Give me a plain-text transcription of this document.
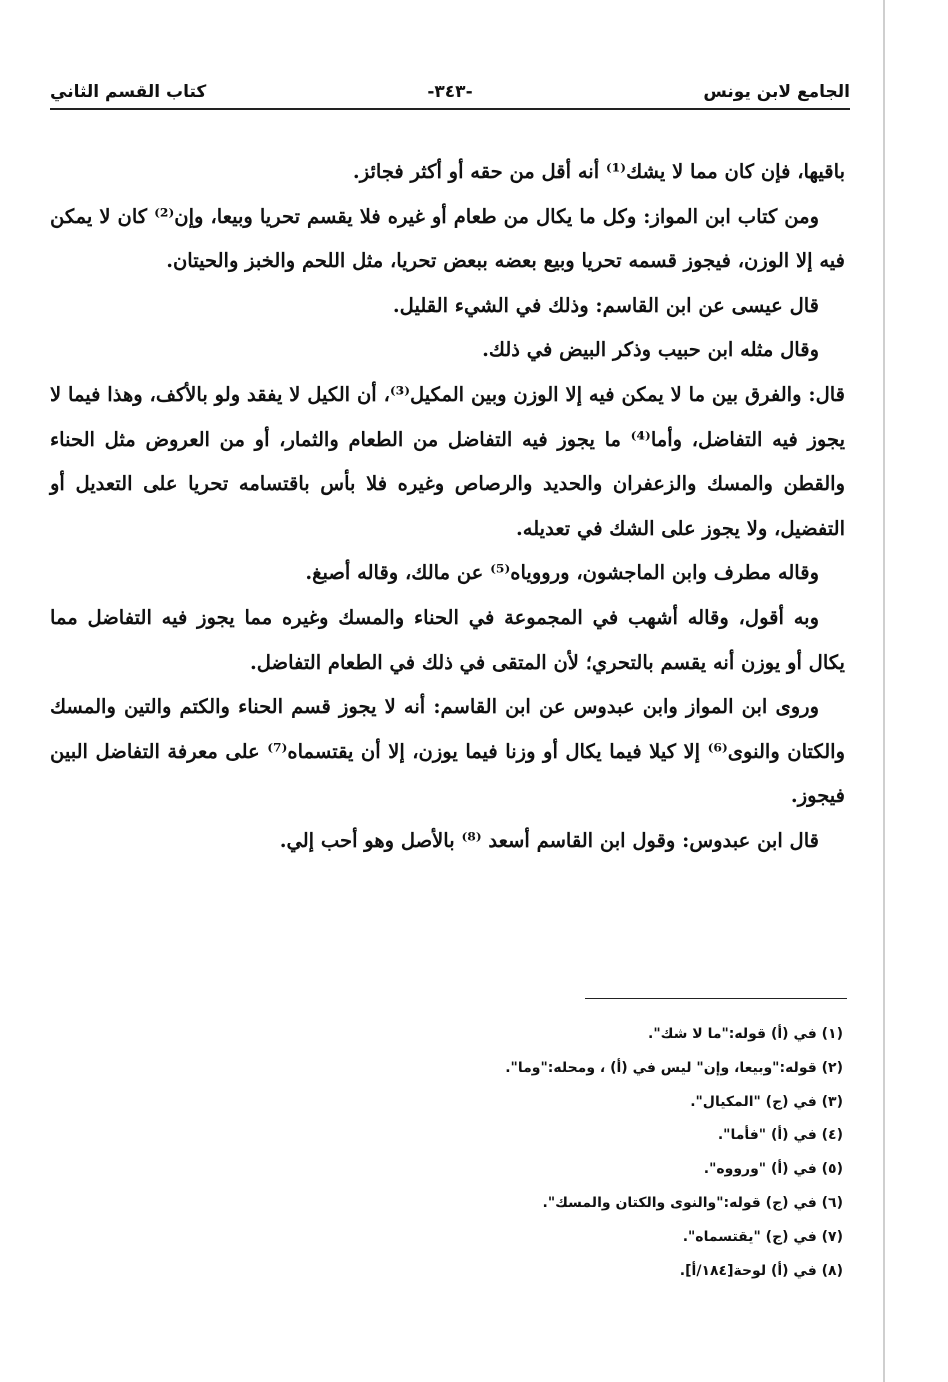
الجامع لابن يونس
-٣٤٣-
كتاب القسم الثاني

باقيها، فإن كان مما لا يشك⁽¹⁾ أنه أقل من حقه أو أكثر فجائز.

ومن كتاب ابن المواز: وكل ما يكال من طعام أو غيره فلا يقسم تحريا وبيعا، وإن⁽²⁾ كان لا يمكن فيه إلا الوزن، فيجوز قسمه تحريا وبيع بعضه ببعض تحريا، مثل اللحم والخبز والحيتان.

قال عيسى عن ابن القاسم: وذلك في الشيء القليل.

وقال مثله ابن حبيب وذكر البيض في ذلك.

قال: والفرق بين ما لا يمكن فيه إلا الوزن وبين المكيل⁽³⁾، أن الكيل لا يفقد ولو بالأكف، وهذا فيما لا يجوز فيه التفاضل، وأما⁽⁴⁾ ما يجوز فيه التفاضل من الطعام والثمار، أو من العروض مثل الحناء والقطن والمسك والزعفران والحديد والرصاص وغيره فلا بأس باقتسامه تحريا على التعديل أو التفضيل، ولا يجوز على الشك في تعديله.

وقاله مطرف وابن الماجشون، ورووياه⁽⁵⁾ عن مالك، وقاله أصبغ.

وبه أقول، وقاله أشهب في المجموعة في الحناء والمسك وغيره مما يجوز فيه التفاضل مما يكال أو يوزن أنه يقسم بالتحري؛ لأن المتقى في ذلك في الطعام التفاضل.

وروى ابن المواز وابن عبدوس عن ابن القاسم: أنه لا يجوز قسم الحناء والكتم والتين والمسك والكتان والنوى⁽⁶⁾ إلا كيلا فيما يكال أو وزنا فيما يوزن، إلا أن يقتسماه⁽⁷⁾ على معرفة التفاضل البين فيجوز.

قال ابن عبدوس: وقول ابن القاسم أسعد ⁽⁸⁾ بالأصل وهو أحب إلي.

(١) في (أ) قوله:"ما لا شك".
(٢) قوله:"وبيعا، وإن" ليس في (أ) ، ومحله:"وما".
(٣) في (ج) "المكيال".
(٤) في (أ) "فأما".
(٥) في (أ) "ورووه".
(٦) في (ج) قوله:"والنوى والكتان والمسك".
(٧) في (ج) "يقتسماه".
(٨) في (أ) لوحة[١٨٤/أ].
